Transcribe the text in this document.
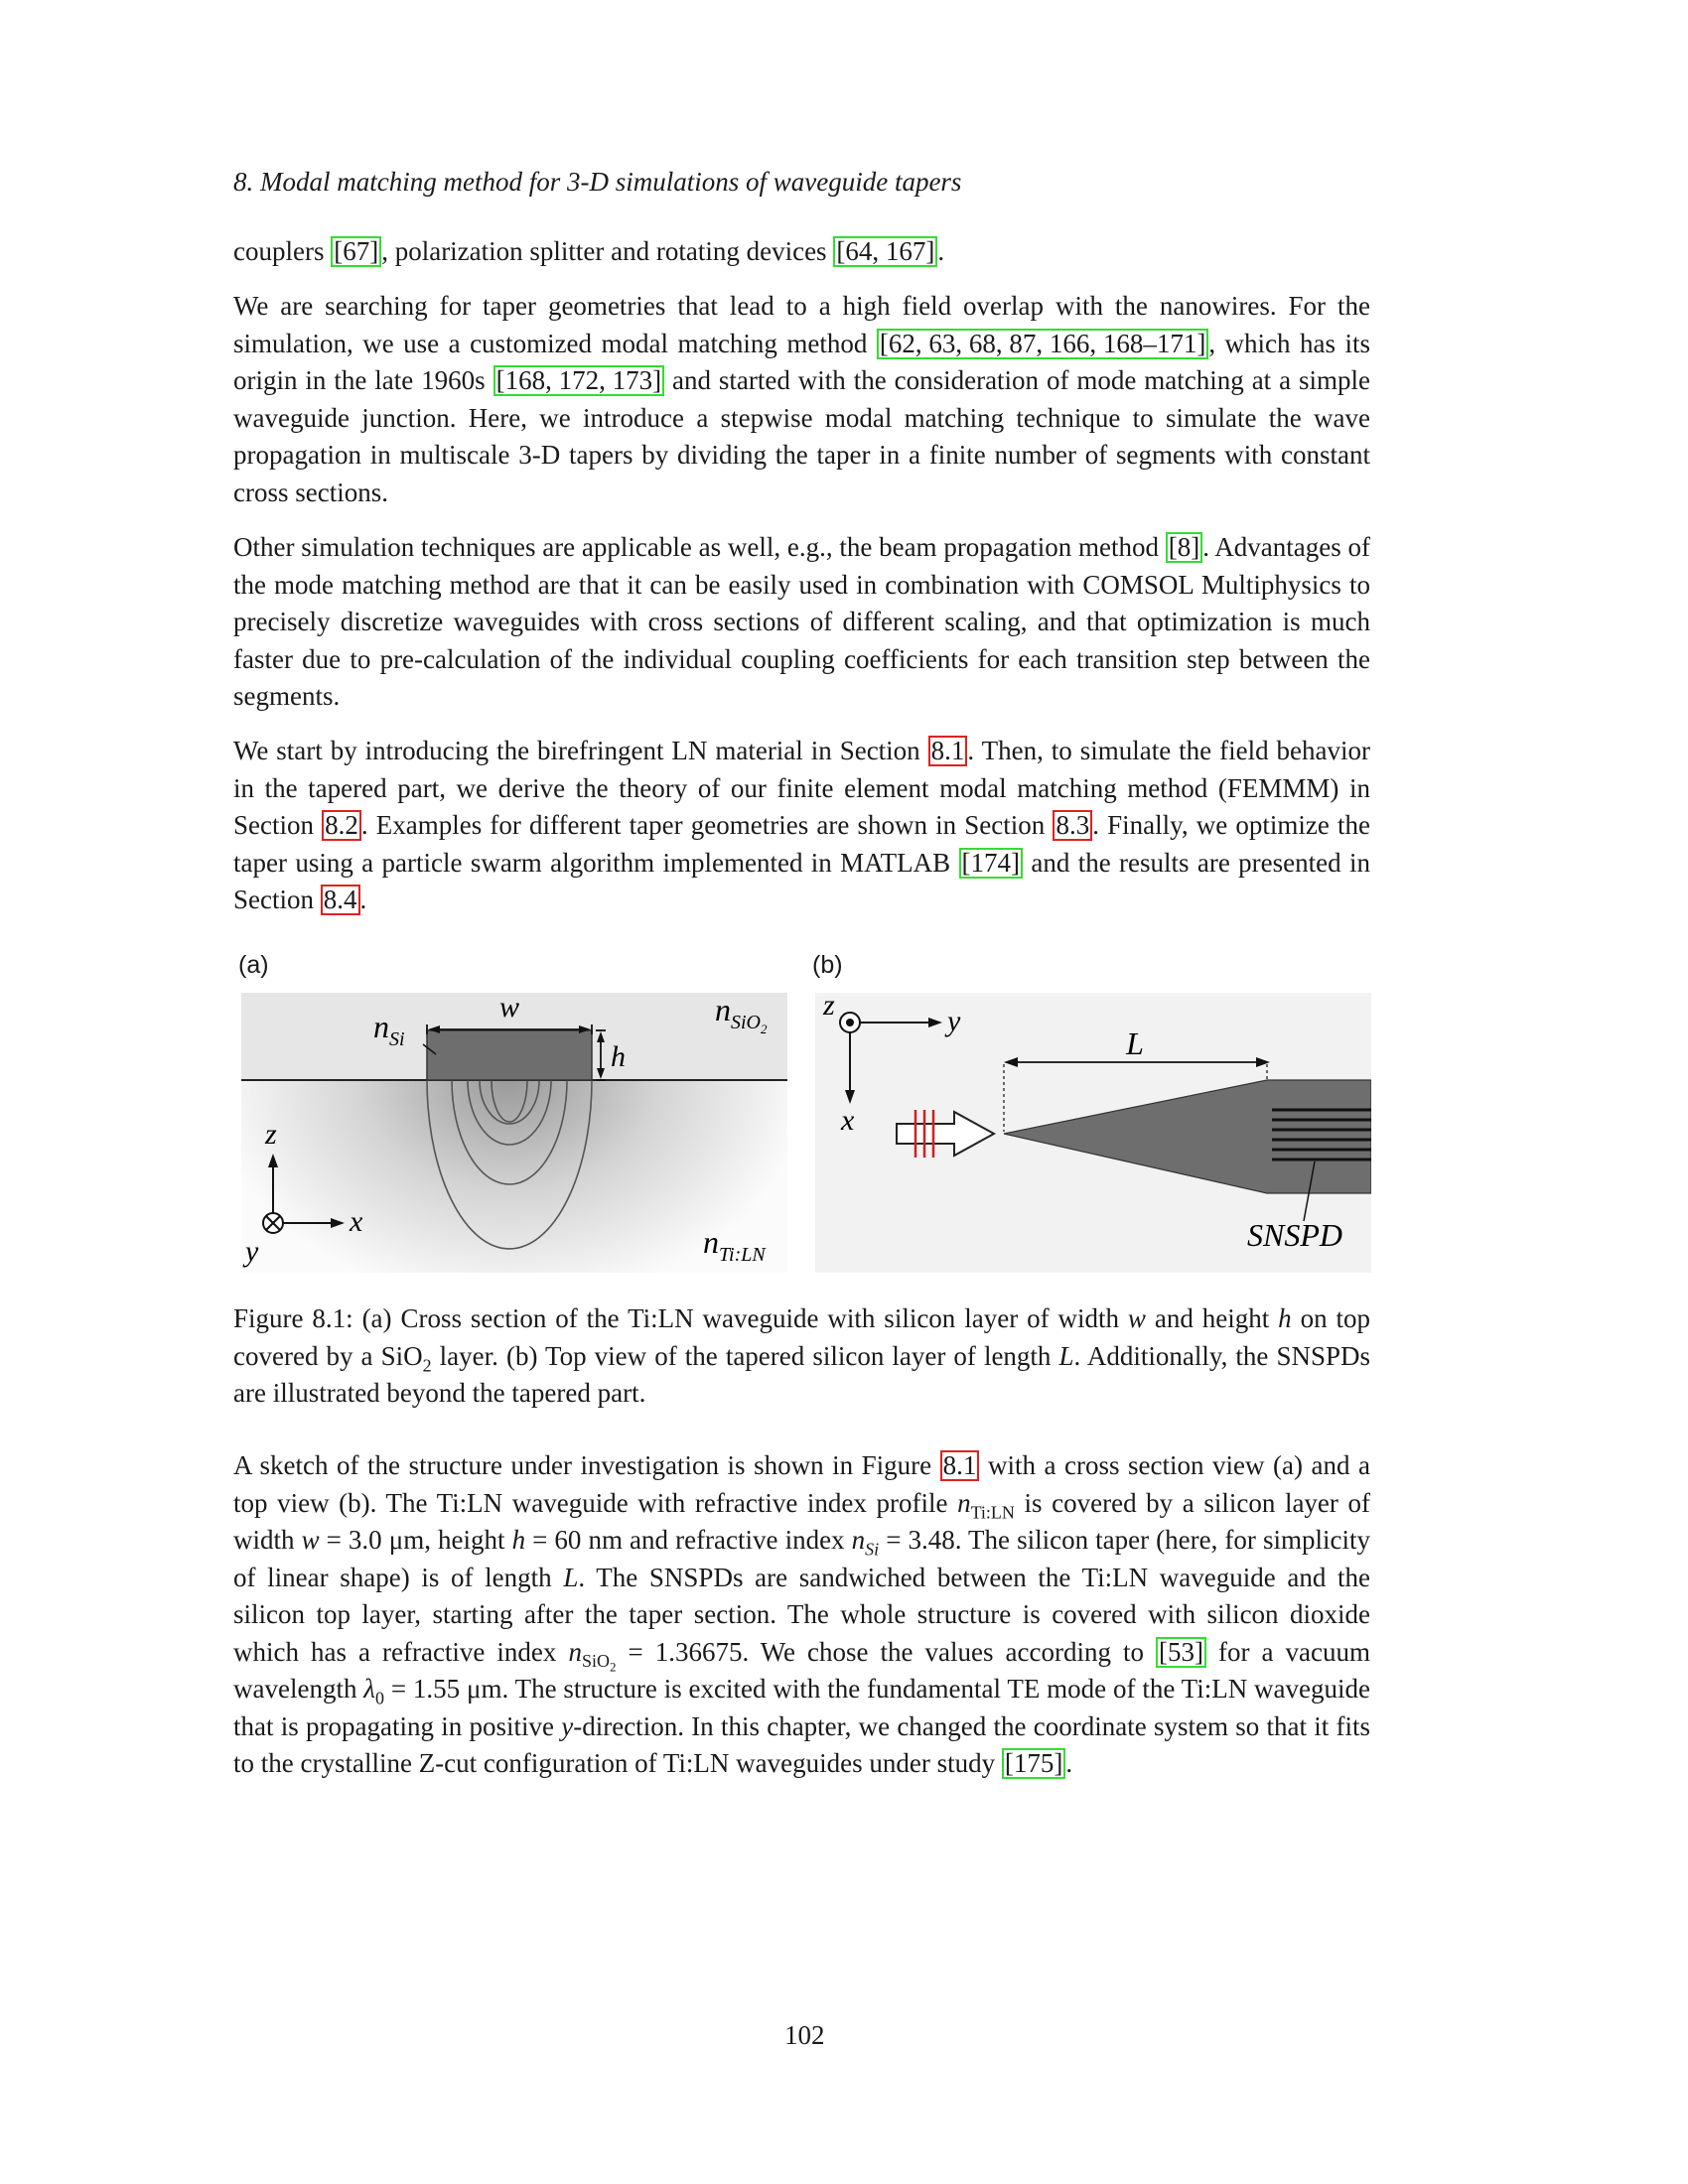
8. Modal matching method for 3-D simulations of waveguide tapers

couplers [67] , polarization splitter and rotating devices [64, 167] .

We are searching for taper geometries that lead to a high field overlap with the nanowires. For the simulation, we use a customized modal matching method [62, 63, 68, 87, 166, 168–171] , which has its origin in the late 1960s [168, 172, 173] and started with the consideration of mode matching at a simple waveguide junction. Here, we introduce a stepwise modal matching technique to simulate the wave propagation in multiscale 3-D tapers by dividing the taper in a finite number of segments with constant cross sections.

Other simulation techniques are applicable as well, e.g., the beam propagation method [8] . Advantages of the mode matching method are that it can be easily used in combination with COMSOL Multiphysics to precisely discretize waveguides with cross sections of different scaling, and that optimization is much faster due to pre-calculation of the individual coupling coefficients for each transition step between the segments.

We start by introducing the birefringent LN material in Section 8.1 . Then, to simulate the field behavior in the tapered part, we derive the theory of our finite element modal matching method (FEMMM) in Section 8.2 . Examples for different taper geometries are shown in Section 8.3 . Finally, we optimize the taper using a particle swarm algorithm implemented in MATLAB [174] and the results are presented in Section 8.4 .

(a)	(b)
w
h
$n_{Si}$
$n_{SiO}2$
$n_{Ti:LN}$
z
x
y
z	y
x
SNSPD
L
Figure 8.1: (a) Cross section of the Ti:LN waveguide with silicon layer of width w and height h on top covered by a SiO$_2$ layer. (b) Top view of the tapered silicon layer of length L. Additionally, the SNSPDs are illustrated beyond the tapered part.

A sketch of the structure under investigation is shown in Figure 8.1 with a cross section view (a) and a top view (b). The Ti:LN waveguide with refractive index profile $n_{Ti:LN}$ is covered by a silicon layer of width w = 3.0 μm, height h = 60 nm and refractive index $n_{Si} = 3.48$. The silicon taper (here, for simplicity of linear shape) is of length L. The SNSPDs are sandwiched between the Ti:LN waveguide and the silicon top layer, starting after the taper section. The whole structure is covered with silicon dioxide which has a refractive index $n_{SiO_2} = 1.36675$. We chose the values according to [53] for a vacuum wavelength $\lambda_0 = 1.55$ μm. The structure is excited with the fundamental TE mode of the Ti:LN waveguide that is propagating in positive y-direction. In this chapter, we changed the coordinate system so that it fits to the crystalline Z-cut configuration of Ti:LN waveguides under study [175] .

102
